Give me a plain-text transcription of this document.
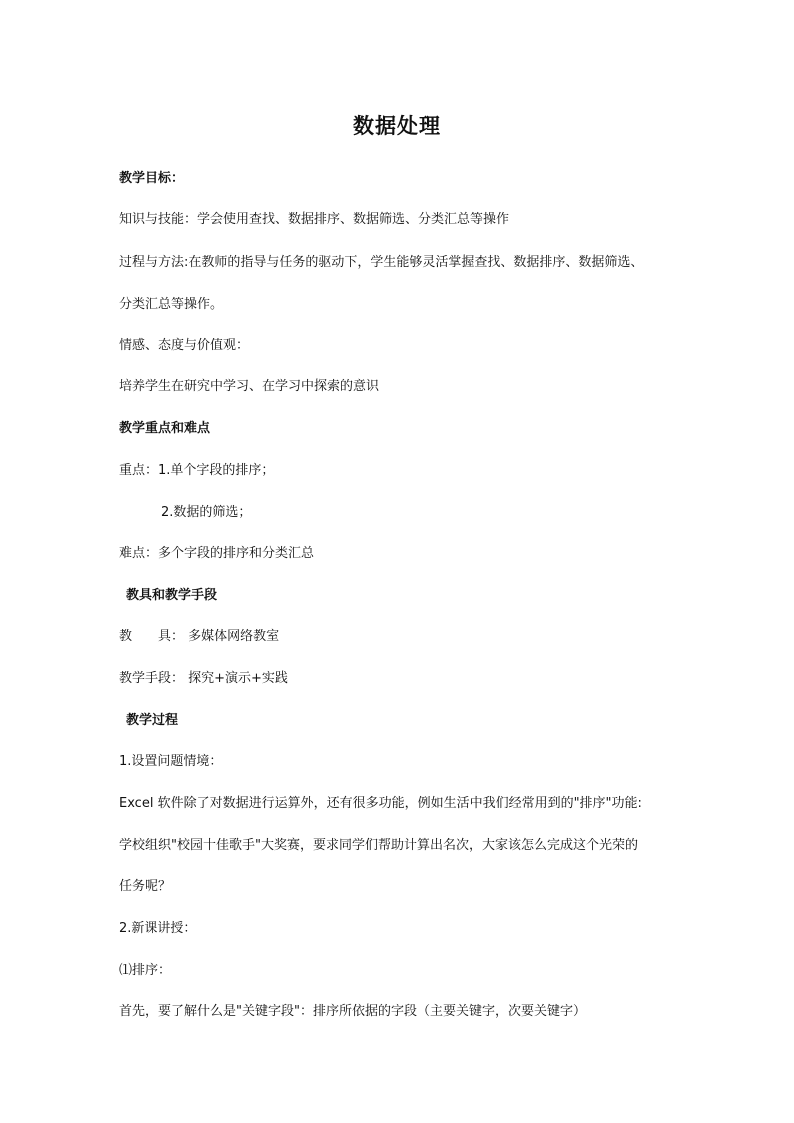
数据处理
教学目标：
知识与技能：学会使用查找、数据排序、数据筛选、分类汇总等操作
过程与方法:在教师的指导与任务的驱动下，学生能够灵活掌握查找、数据排序、数据筛选、
分类汇总等操作。
情感、态度与价值观：
培养学生在研究中学习、在学习中探索的意识
教学重点和难点
重点：1.单个字段的排序；
2.数据的筛选；
难点：多个字段的排序和分类汇总
教具和教学手段
教　　具： 多媒体网络教室
教学手段： 探究+演示+实践
教学过程
1.设置问题情境：
Excel 软件除了对数据进行运算外，还有很多功能，例如生活中我们经常用到的"排序"功能:
学校组织"校园十佳歌手"大奖赛，要求同学们帮助计算出名次，大家该怎么完成这个光荣的
任务呢？
2.新课讲授：
⑴排序：
首先，要了解什么是"关键字段"：排序所依据的字段（主要关键字，次要关键字）
